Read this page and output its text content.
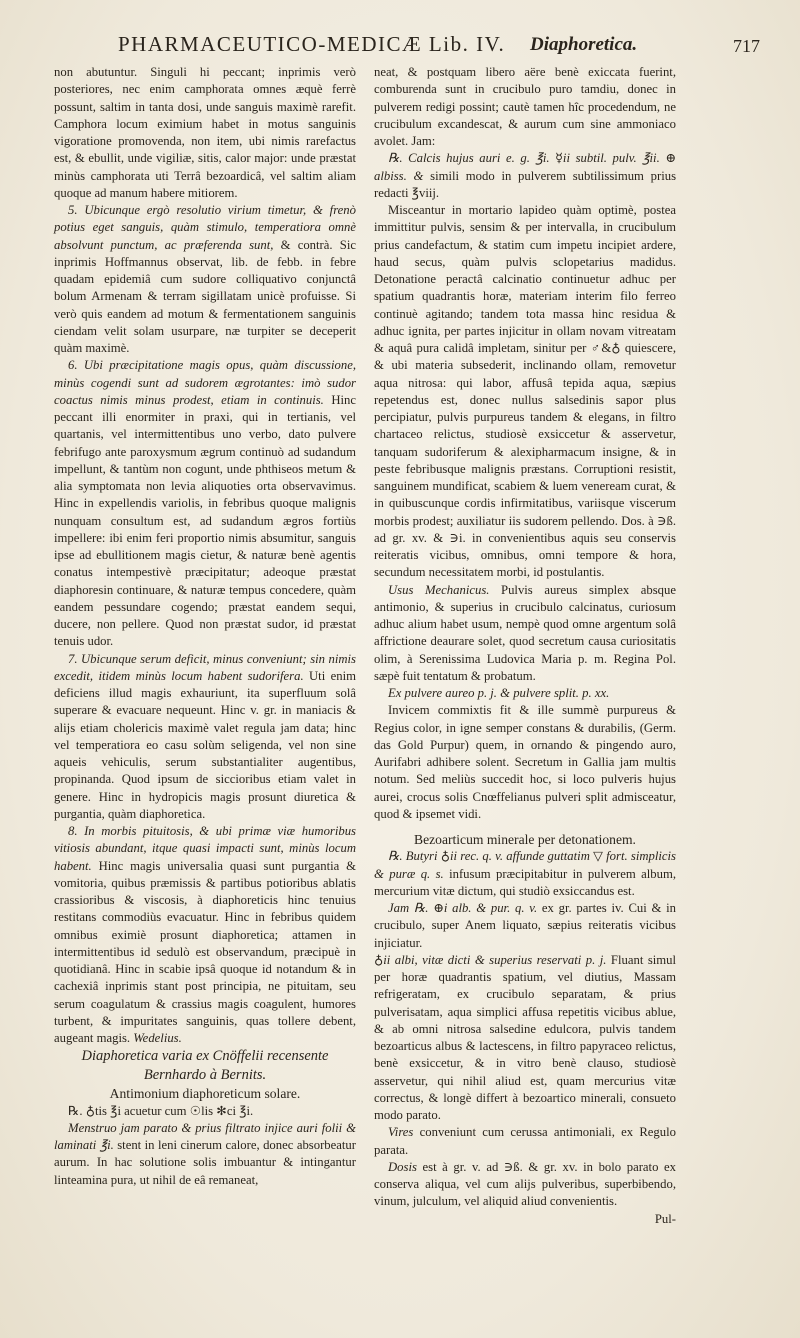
PHARMACEUTICO-MEDICÆ Lib. IV. Diaphoretica.	717

non abutuntur. Singuli hi peccant; inprimis verò posteriores, nec enim camphorata omnes æquè ferrè possunt, saltim in tanta dosi, unde sanguis maximè rarefit. Camphora locum eximium habet in motus sanguinis vigoratione promovenda, non item, ubi nimis rarefactus est, & ebullit, unde vigiliæ, sitis, calor major: unde præstat minùs camphorata uti Terrâ bezoardicâ, vel saltim aliam quoque ad manum habere mitiorem.

5. Ubicunque ergò resolutio virium timetur, & frenò potius eget sanguis, quàm stimulo, temperatiora omnè absolvunt punctum, ac præferenda sunt, & contrà. Sic inprimis Hoffmannus observat, lib. de febb. in febre quadam epidemiâ cum sudore colliquativo conjunctâ bolum Armenam & terram sigillatam unicè profuisse. Si verò quis eandem ad motum & fermentationem sanguinis ciendam velit solam usurpare, næ turpiter se deceperit quàm maximè.

6. Ubi præcipitatione magis opus, quàm discussione, minùs cogendi sunt ad sudorem ægrotantes: imò sudor coactus nimis minus prodest, etiam in continuis. Hinc peccant illi enormiter in praxi, qui in tertianis, vel quartanis, vel intermittentibus uno verbo, dato pulvere febrifugo ante paroxysmum ægrum continuò ad sudandum impellunt, & tantùm non cogunt, unde phthiseos metum & alia symptomata non levia aliquoties orta observavimus. Hinc in expellendis variolis, in febribus quoque malignis nunquam consultum est, ad sudandum ægros fortiùs impellere: ibi enim feri proportio nimis absumitur, sanguis ipse ad ebullitionem magis cietur, & naturæ benè agentis conatus intempestivè præcipitatur; adeoque præstat diaphoresin continuare, & naturæ tempus concedere, quàm eandem pessundare cogendo; præstat eandem sequi, ducere, non pellere. Quod non præstat sudor, id præstat tenuis udor.

7. Ubicunque serum deficit, minus conveniunt; sin nimis excedit, itidem minùs locum habent sudorifera. Uti enim deficiens illud magis exhauriunt, ita superfluum solâ superare & evacuare nequeunt. Hinc v. gr. in maniacis & alijs etiam cholericis maximè valet regula jam data; hinc vel temperatiora eo casu solùm seligenda, vel non sine aqueis vehiculis, serum substantialiter augentibus, propinanda. Quod ipsum de siccioribus etiam valet in genere. Hinc in hydropicis magis prosunt diuretica & purgantia, quàm diaphoretica.

8. In morbis pituitosis, & ubi primæ viæ humoribus vitiosis abundant, itque quasi impacti sunt, minùs locum habent. Hinc magis universalia quasi sunt purgantia & vomitoria, quibus præmissis & partibus potioribus ablatis crassioribus & viscosis, à diaphoreticis hinc tenuius restitans commodiùs evacuatur. Hinc in febribus quidem omnibus eximiè prosunt diaphoretica; attamen in intermittentibus id sedulò est observandum, præcipuè in quotidianâ. Hinc in scabie ipsâ quoque id notandum & in cachexiâ inprimis stant post principia, ne pituitam, seu serum coagulatum & crassius magis coagulent, humores turbent, & impuritates sanguinis, quas tollere debent, augeant magis. Wedelius.

Diaphoretica varia ex Cnöffelii recensente Bernhardo à Bernits.

Antimonium diaphoreticum solare.

℞. ♁tis ℥i acuetur cum ☉lis ✻ci ℥i.

Menstruo jam parato & prius filtrato injice auri folii & laminati ℥i. stent in leni cinerum calore, donec absorbeatur aurum. In hac solutione solis imbuantur & intingantur linteamina pura, ut nihil de eâ remaneat,

neat, & postquam libero aëre benè exiccata fuerint, comburenda sunt in crucibulo puro tamdiu, donec in pulverem redigi possint; cautè tamen hîc procedendum, ne crucibulum excandescat, & aurum cum sine ammoniaco avolet. Jam:

℞. Calcis hujus auri e. g. ℥i. ☿ii subtil. pulv. ℥ii. ⊕ albiss. & simili modo in pulverem subtilissimum prius redacti ℥viij.

Misceantur in mortario lapideo quàm optimè, postea immittitur pulvis, sensim & per intervalla, in crucibulum prius candefactum, & statim cum impetu incipiet ardere, haud secus, quàm pulvis sclopetarius madidus. Detonatione peractâ calcinatio continuetur adhuc per spatium quadrantis horæ, materiam interim filo ferreo continuè agitando; tandem tota massa hinc residua & adhuc ignita, per partes injicitur in ollam novam vitreatam & aquâ pura calidâ impletam, sinitur per ♂&♁ quiescere, & ubi materia subsederit, inclinando ollam, removetur aqua nitrosa: qui labor, affusâ tepida aqua, sæpius repetendus est, donec nullus salsedinis sapor plus percipiatur, pulvis purpureus tandem & elegans, in filtro chartaceo relictus, studiosè exsiccetur & asservetur, tanquam sudoriferum & alexipharmacum insigne, & in peste febribusque malignis præstans. Corruptioni resistit, sanguinem mundificat, scabiem & luem veneream curat, & in quibuscunque cordis infirmitatibus, variisque viscerum morbis prodest; auxiliatur iis sudorem pellendo. Dos. à ∋ß. ad gr. xv. & ∋i. in convenientibus aquis seu conservis reiteratis vicibus, omnibus, omni tempore & hora, secundum necessitatem morbi, id postulantis.

Usus Mechanicus. Pulvis aureus simplex absque antimonio, & superius in crucibulo calcinatus, curiosum adhuc alium habet usum, nempè quod omne argentum solâ affrictione deaurare solet, quod secretum causa curiositatis olim, à Serenissima Ludovica Maria p. m. Regina Pol. sæpè fuit tentatum & probatum.

Ex pulvere aureo p. j. & pulvere split. p. xx.

Invicem commixtis fit & ille summè purpureus & Regius color, in igne semper constans & durabilis, (Germ. das Gold Purpur) quem, in ornando & pingendo auro, Aurifabri adhibere solent. Secretum in Gallia jam multis notum. Sed meliùs succedit hoc, si loco pulveris hujus aurei, crocus solis Cnœffelianus pulveri split admisceatur, quod & ipsemet vidi.

Bezoarticum minerale per detonationem.

℞. Butyri ♁ii rec. q. v. affunde guttatim ▽ fort. simplicis & puræ q. s. infusum præcipitabitur in pulverem album, mercurium vitæ dictum, qui studiò exsiccandus est.

Jam ℞. ⊕i alb. & pur. q. v. ex gr. partes iv. Cui & in crucibulo, super Anem liquato, sæpius reiteratis vicibus injiciatur.

♁ii albi, vitæ dicti & superius reservati p. j. Fluant simul per horæ quadrantis spatium, vel diutius, Massam refrigeratam, ex crucibulo separatam, & prius pulverisatam, aqua simplici affusa repetitis vicibus ablue, & ab omni nitrosa salsedine edulcora, pulvis tandem bezoarticus albus & lactescens, in filtro papyraceo relictus, benè exsiccetur, & in vitro benè clauso, studiosè asservetur, qui nihil aliud est, quam mercurius vitæ correctus, & longè differt à bezoartico minerali, consueto modo parato.

Vires conveniunt cum cerussa antimoniali, ex Regulo parata.

Dosis est à gr. v. ad ∋ß. & gr. xv. in bolo parato ex conserva aliqua, vel cum alijs pulveribus, superbibendo, vinum, julculum, vel aliquid aliud convenientis.

Pul-
